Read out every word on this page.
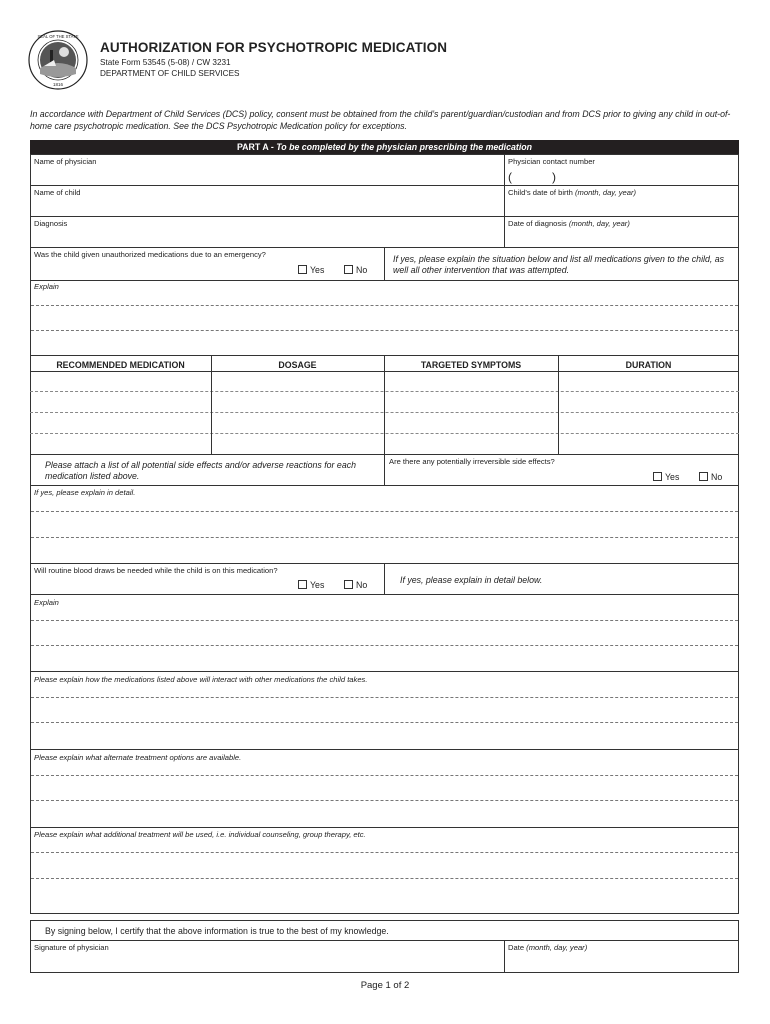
SEAL OF THE STATE
1816
AUTHORIZATION FOR PSYCHOTROPIC MEDICATION
State Form 53545 (5-08) / CW 3231
DEPARTMENT OF CHILD SERVICES
In accordance with Department of Child Services (DCS) policy, consent must be obtained from the child’s parent/guardian/custodian and from DCS prior to giving any child in out-of-home care psychotropic medication. See the DCS Psychotropic Medication policy for exceptions.
PART A - To be completed by the physician prescribing the medication
Name of physician	Physician contact number
(	)
Name of child	Child’s date of birth (month, day, year)
Diagnosis	Date of diagnosis (month, day, year)
Was the child given unauthorized medications due to an emergency?
Yes	No
If yes, please explain the situation below and list all medications given to the child, as well all other intervention that was attempted.
Explain
RECOMMENDED MEDICATION	DOSAGE	TARGETED SYMPTOMS	DURATION
Please attach a list of all potential side effects and/or adverse reactions for each medication listed above.
Are there any potentially irreversible side effects?
Yes	No
If yes, please explain in detail.
Will routine blood draws be needed while the child is on this medication?
Yes	No	If yes, please explain in detail below.
Explain
Please explain how the medications listed above will interact with other medications the child takes.
Please explain what alternate treatment options are available.
Please explain what additional treatment will be used, i.e. individual counseling, group therapy, etc.
By signing below, I certify that the above information is true to the best of my knowledge.
Signature of physician	Date (month, day, year)
Page 1 of 2
